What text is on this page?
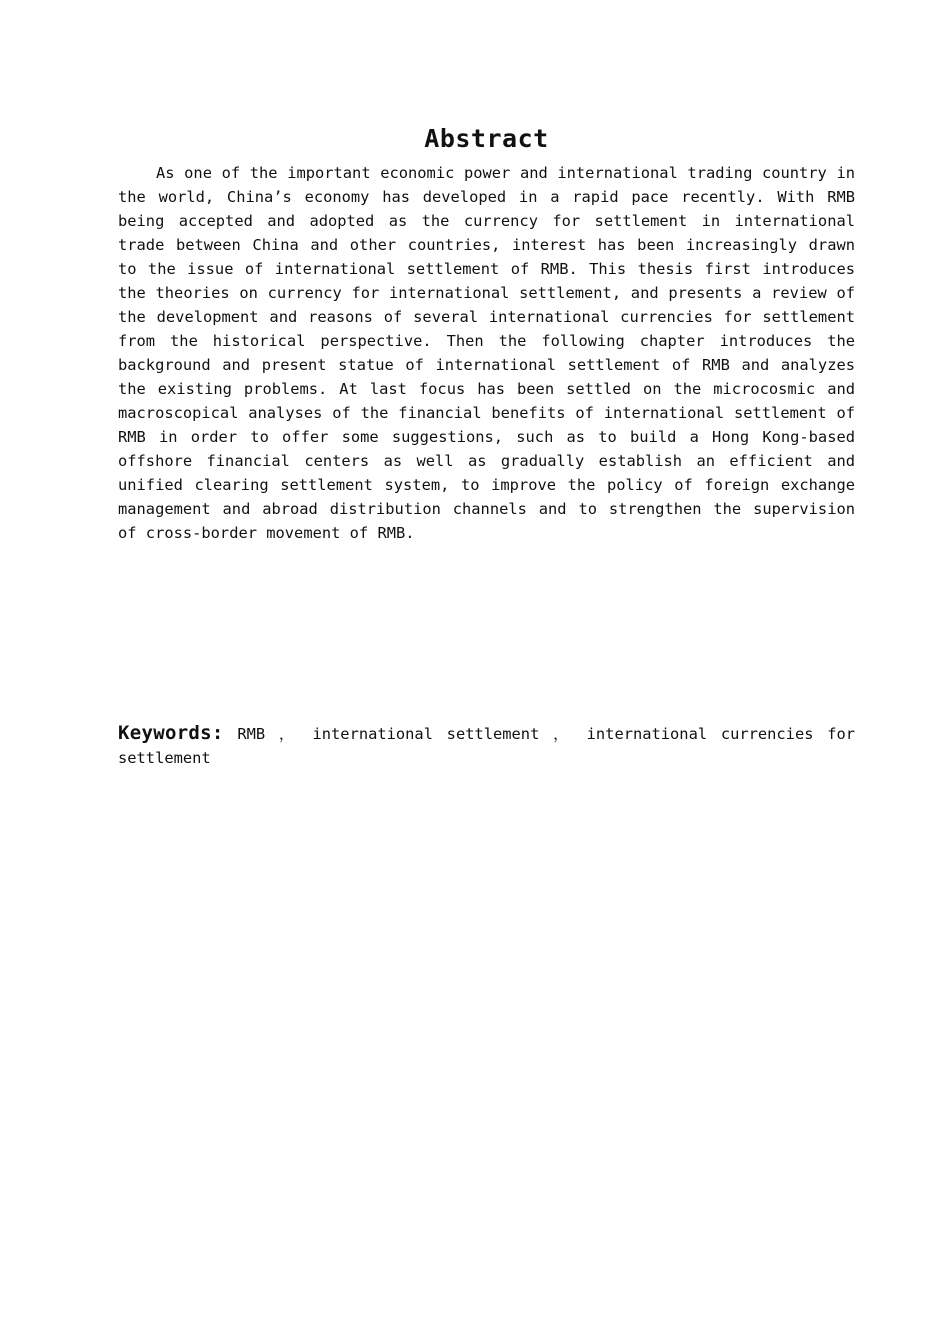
Abstract

As one of the important economic power and international trading country in the world, China’s economy has developed in a rapid pace recently. With RMB being accepted and adopted as the currency for settlement in international trade between China and other countries, interest has been increasingly drawn to the issue of international settlement of RMB. This thesis first introduces the theories on currency for international settlement, and presents a review of the development and reasons of several international currencies for settlement from the historical perspective. Then the following chapter introduces the background and present statue of international settlement of RMB and analyzes the existing problems. At last focus has been settled on the microcosmic and macroscopical analyses of the financial benefits of international settlement of RMB in order to offer some suggestions, such as to build a Hong Kong-based offshore financial centers as well as gradually establish an efficient and unified clearing settlement system, to improve the policy of foreign exchange management and abroad distribution channels and to strengthen the supervision of cross-border movement of RMB.

Keywords: RMB ， international settlement ， international currencies for settlement
